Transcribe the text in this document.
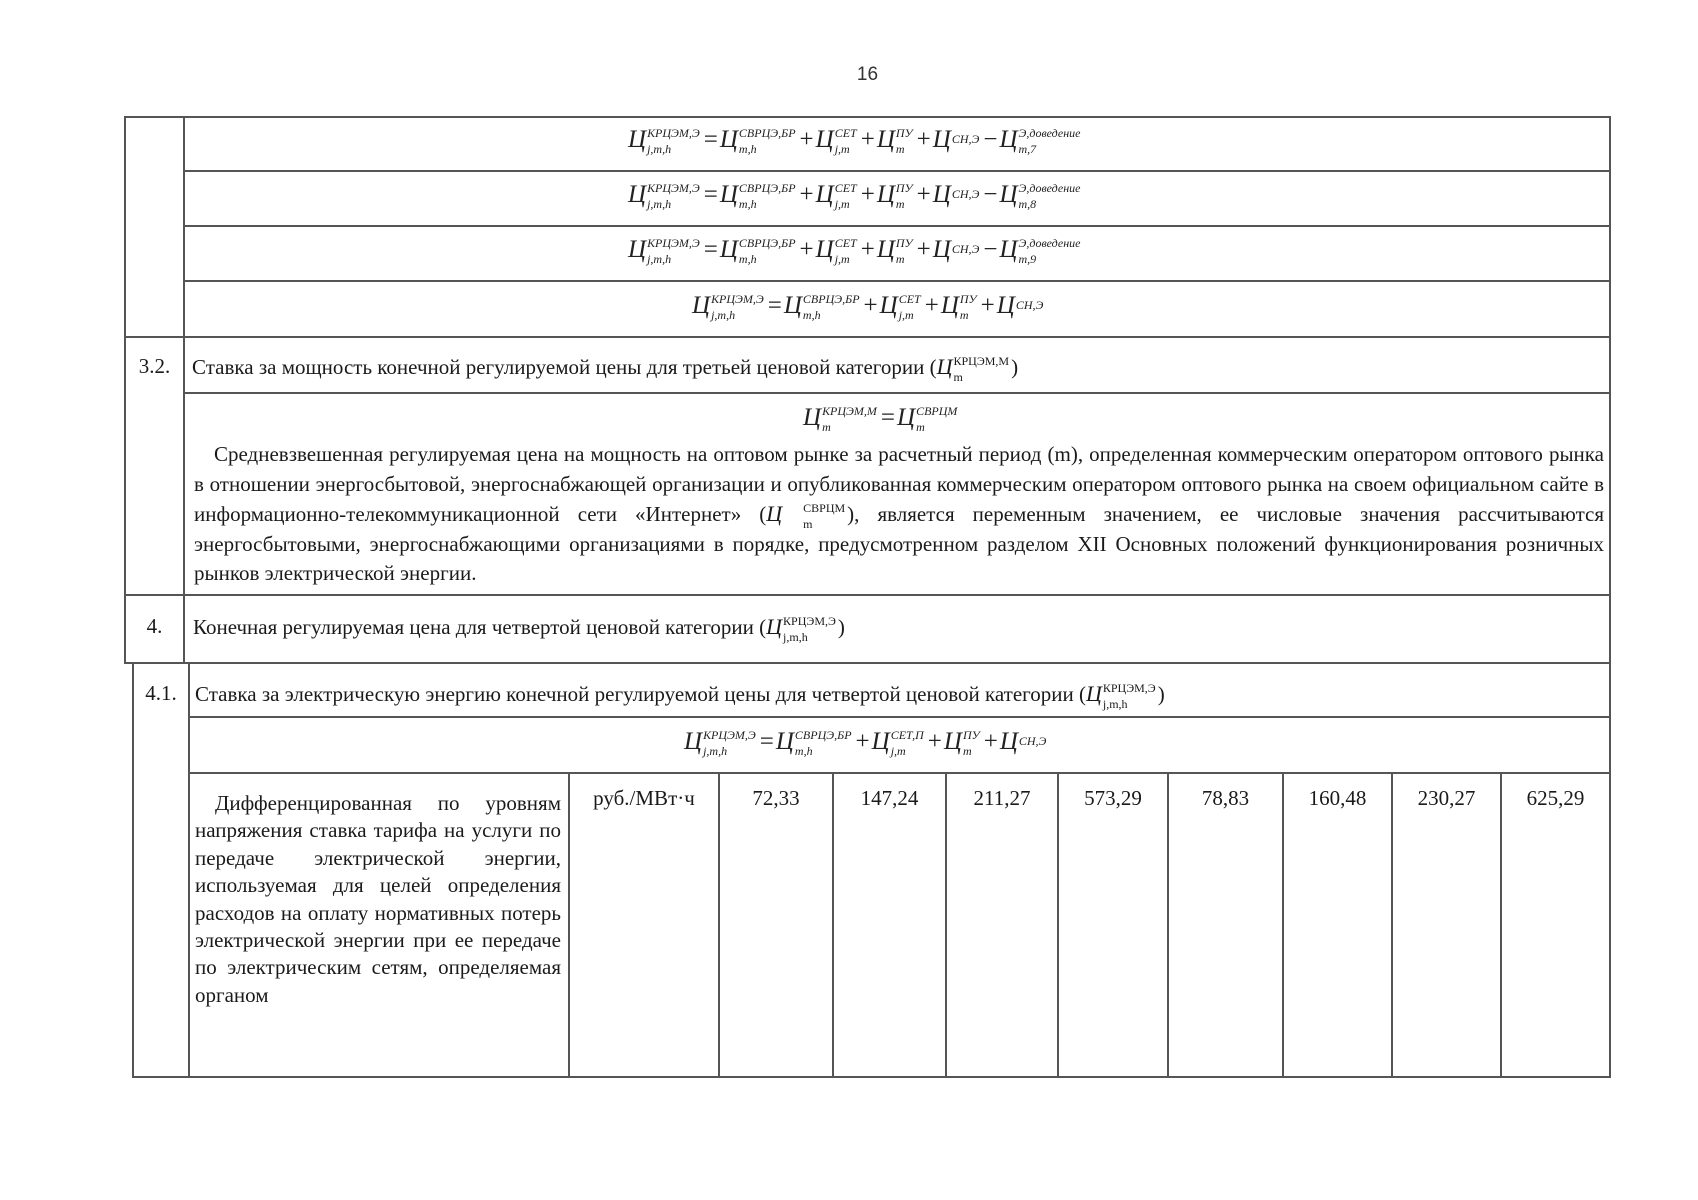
16
Ц КРЦЭМ,Э
j,m,h	=Ц СВРЦЭ,БР
m,h	+Ц СЕТ
j,m +Ц ПУ
m +Ц СН,Э −Ц Э,доведение
m,7
Ц КРЦЭМ,Э
j,m,h	=Ц СВРЦЭ,БР
m,h	+Ц СЕТ
j,m +Ц ПУ
m +Ц СН,Э −Ц Э,доведение
m,8
Ц КРЦЭМ,Э
j,m,h	=Ц СВРЦЭ,БР
m,h	+Ц СЕТ
j,m +Ц ПУ
m +Ц СН,Э −Ц Э,доведение
m,9
Ц КРЦЭМ,Э
j,m,h	=Ц СВРЦЭ,БР
m,h	+Ц СЕТ
j,m +Ц ПУ
m +Ц СН,Э
3.2.	Ставка за мощность конечной регулируемой цены для третьей ценовой категории (Ц КРЦЭМ,М
m	)
Ц КРЦЭМ,М
m	=Ц СВРЦМ
m
Средневзвешенная регулируемая цена на мощность на оптовом рынке за расчетный период (m), определенная коммерческим оператором оптового рынка в отношении энергосбытовой, энергоснабжающей организации и опубликованная коммерческим оператором оптового рынка на своем официальном сайте в информационно-телекоммуникационной сети «Интернет» (Ц	СВРЦМ
m	), является переменным значением, ее числовые значения рассчитываются энергосбытовыми, энергоснабжающими организациями в порядке, предусмотренном разделом XII Основных положений функционирования розничных рынков электрической энергии.
4.	Конечная регулируемая цена для четвертой ценовой категории (Ц КРЦЭМ,Э
j,m,h	)
4.1. Ставка за электрическую энергию конечной регулируемой цены для четвертой ценовой категории (Ц КРЦЭМ,Э
j,m,h	)
Ц КРЦЭМ,Э
j,m,h	=Ц СВРЦЭ,БР
m,h	+Ц СЕТ,П
j,m +Ц ПУ
m +Ц СН,Э
Дифференцированная по уровням напряжения ставка тарифа на услуги по передаче электрической энергии, используемая для целей определения расходов на оплату нормативных потерь электрической энергии при ее передаче по электрическим сетям, определяемая органом
руб./МВт·ч	72,33	147,24	211,27	573,29	78,83	160,48	230,27	625,29
